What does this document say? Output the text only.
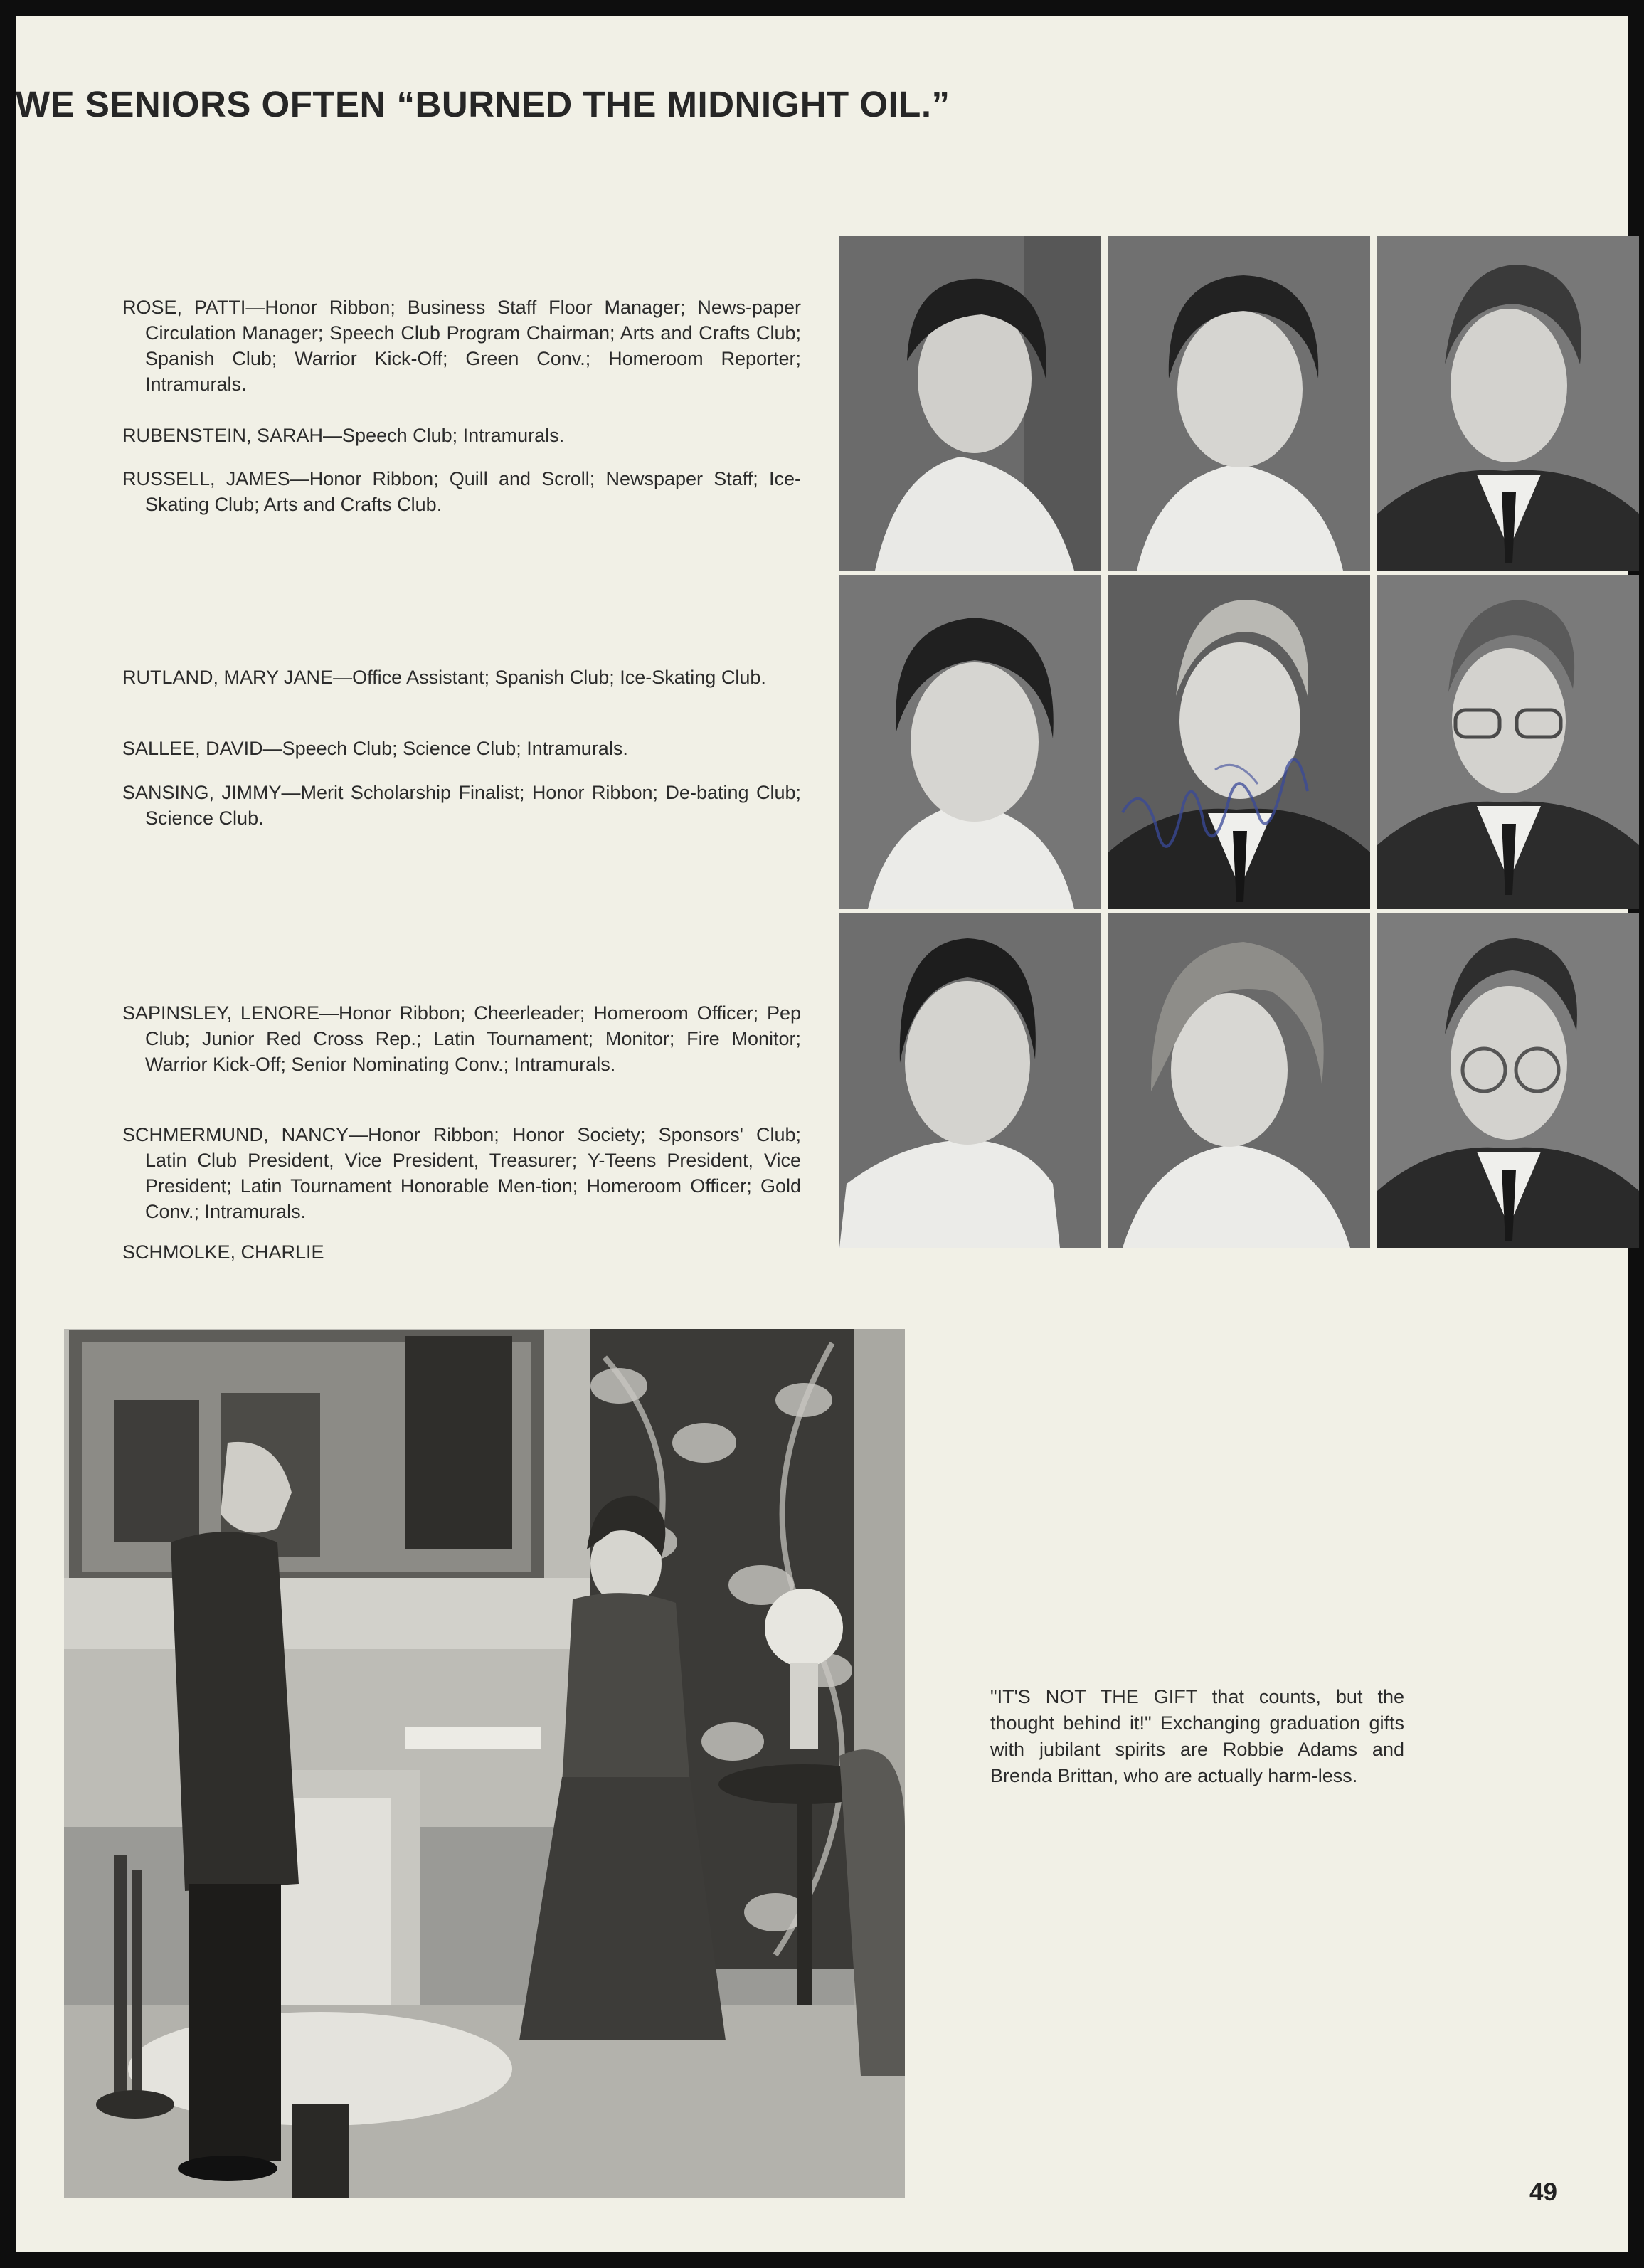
WE SENIORS OFTEN “BURNED THE MIDNIGHT OIL.”

ROSE, PATTI—Honor Ribbon; Business Staff Floor Manager; News-paper Circulation Manager; Speech Club Program Chairman; Arts and Crafts Club; Spanish Club; Warrior Kick-Off; Green Conv.; Homeroom Reporter; Intramurals.

RUBENSTEIN, SARAH—Speech Club; Intramurals.

RUSSELL, JAMES—Honor Ribbon; Quill and Scroll; Newspaper Staff; Ice-Skating Club; Arts and Crafts Club.

RUTLAND, MARY JANE—Office Assistant; Spanish Club; Ice-Skating Club.

SALLEE, DAVID—Speech Club; Science Club; Intramurals.

SANSING, JIMMY—Merit Scholarship Finalist; Honor Ribbon; De-bating Club; Science Club.

SAPINSLEY, LENORE—Honor Ribbon; Cheerleader; Homeroom Officer; Pep Club; Junior Red Cross Rep.; Latin Tournament; Monitor; Fire Monitor; Warrior Kick-Off; Senior Nominating Conv.; Intramurals.

SCHMERMUND, NANCY—Honor Ribbon; Honor Society; Sponsors' Club; Latin Club President, Vice President, Treasurer; Y-Teens President, Vice President; Latin Tournament Honorable Men-tion; Homeroom Officer; Gold Conv.; Intramurals.

SCHMOLKE, CHARLIE

"IT'S NOT THE GIFT that counts, but the thought behind it!" Exchanging graduation gifts with jubilant spirits are Robbie Adams and Brenda Brittan, who are actually harm-less.

49
